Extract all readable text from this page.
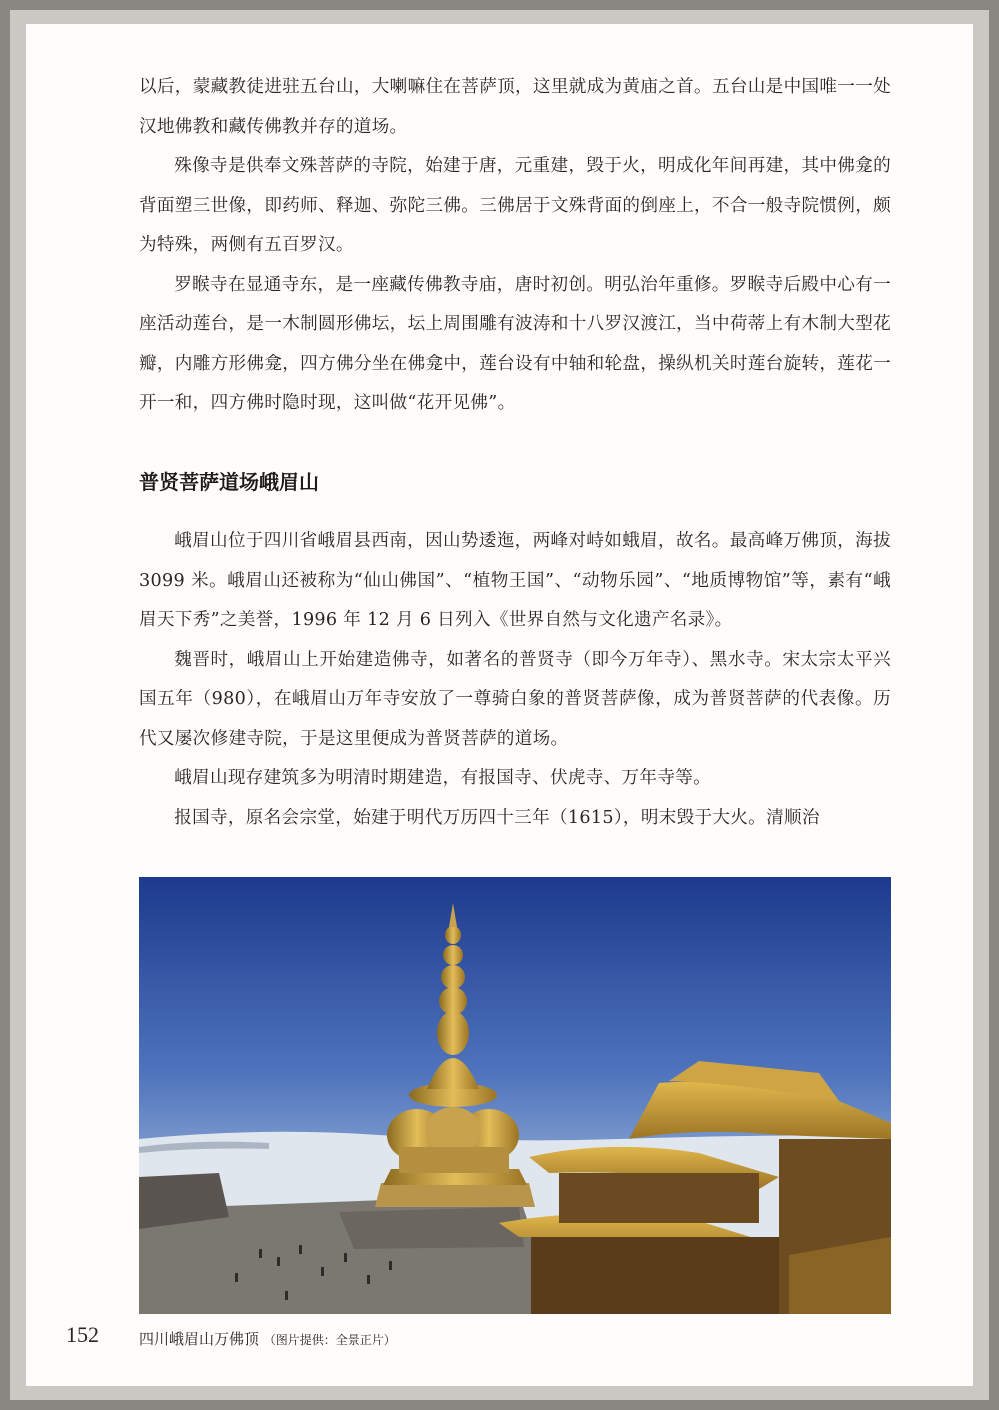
以后，蒙藏教徒进驻五台山，大喇嘛住在菩萨顶，这里就成为黄庙之首。五台山是中国唯一一处汉地佛教和藏传佛教并存的道场。

殊像寺是供奉文殊菩萨的寺院，始建于唐，元重建，毁于火，明成化年间再建，其中佛龛的背面塑三世像，即药师、释迦、弥陀三佛。三佛居于文殊背面的倒座上，不合一般寺院惯例，颇为特殊，两侧有五百罗汉。

罗睺寺在显通寺东，是一座藏传佛教寺庙，唐时初创。明弘治年重修。罗睺寺后殿中心有一座活动莲台，是一木制圆形佛坛，坛上周围雕有波涛和十八罗汉渡江，当中荷蒂上有木制大型花瓣，内雕方形佛龛，四方佛分坐在佛龛中，莲台设有中轴和轮盘，操纵机关时莲台旋转，莲花一开一和，四方佛时隐时现，这叫做“花开见佛”。

普贤菩萨道场峨眉山

峨眉山位于四川省峨眉县西南，因山势逶迤，两峰对峙如蛾眉，故名。最高峰万佛顶，海拔 3099 米。峨眉山还被称为“仙山佛国”、“植物王国”、“动物乐园”、“地质博物馆”等，素有“峨眉天下秀”之美誉，1996 年 12 月 6 日列入《世界自然与文化遗产名录》。

魏晋时，峨眉山上开始建造佛寺，如著名的普贤寺（即今万年寺）、黑水寺。宋太宗太平兴国五年（980），在峨眉山万年寺安放了一尊骑白象的普贤菩萨像，成为普贤菩萨的代表像。历代又屡次修建寺院，于是这里便成为普贤菩萨的道场。

峨眉山现存建筑多为明清时期建造，有报国寺、伏虎寺、万年寺等。

报国寺，原名会宗堂，始建于明代万历四十三年（1615），明末毁于大火。清顺治

152	四川峨眉山万佛顶 （图片提供：全景正片）
